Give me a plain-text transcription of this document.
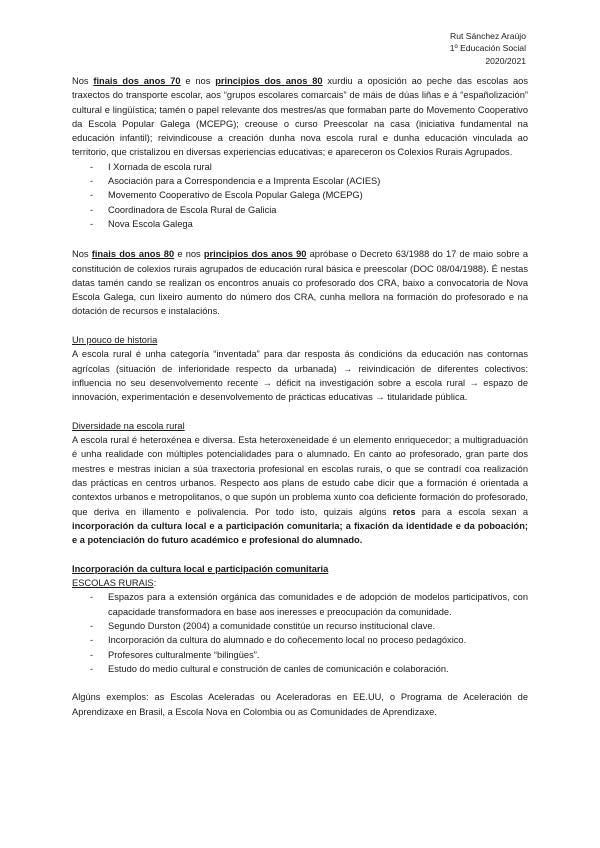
Rut Sánchez Araújo
1º Educación Social
2020/2021

Nos finais dos anos 70 e nos principios dos anos 80 xurdiu a oposición ao peche das escolas aos traxectos do transporte escolar, aos “grupos escolares comarcais” de máis de dúas liñas e á “españolización” cultural e lingüística; tamén o papel relevante dos mestres/as que formaban parte do Movemento Cooperativo da Escola Popular Galega (MCEPG); creouse o curso Preescolar na casa (iniciativa fundamental na educación infantil); reivindicouse a creación dunha nova escola rural e dunha educación vinculada ao territorio, que cristalizou en diversas experiencias educativas; e apareceron os Colexios Rurais Agrupados.

- I Xornada de escola rural
- Asociación para a Correspondencia e a Imprenta Escolar (ACIES)
- Movemento Cooperativo de Escola Popular Galega (MCEPG)
- Coordinadora de Escola Rural de Galicia
- Nova Escola Galega

Nos finais dos anos 80 e nos principios dos anos 90 apróbase o Decreto 63/1988 do 17 de maio sobre a constitución de colexios rurais agrupados de educación rural básica e preescolar (DOC 08/04/1988). É nestas datas tamén cando se realizan os encontros anuais co profesorado dos CRA, baixo a convocatoria de Nova Escola Galega, cun lixeiro aumento do número dos CRA, cunha mellora na formación do profesorado e na dotación de recursos e instalacións.

Un pouco de historia

A escola rural é unha categoría “inventada” para dar resposta ás condicións da educación nas contornas agrícolas (situación de inferioridade respecto da urbanada) → reivindicación de diferentes colectivos: influencia no seu desenvolvemento recente → déficit na investigación sobre a escola rural → espazo de innovación, experimentación e desenvolvemento de prácticas educativas → titularidade pública.

Diversidade na escola rural

A escola rural é heteroxénea e diversa. Esta heteroxeneidade é un elemento enriquecedor; a multigraduación é unha realidade con múltiples potencialidades para o alumnado. En canto ao profesorado, gran parte dos mestres e mestras inician a súa traxectoria profesional en escolas rurais, o que se contradí coa realización das prácticas en centros urbanos. Respecto aos plans de estudo cabe dicir que a formación é orientada a contextos urbanos e metropolitanos, o que supón un problema xunto coa deficiente formación do profesorado, que deriva en illamento e polivalencia. Por todo isto, quizais algúns retos para a escola sexan a incorporación da cultura local e a participación comunitaria; a fixación da identidade e da poboación; e a potenciación do futuro académico e profesional do alumnado.

Incorporación da cultura local e participación comunitaria

ESCOLAS RURAIS:

- Espazos para a extensión orgánica das comunidades e de adopción de modelos participativos, con capacidade transformadora en base aos ineresses e preocupación da comunidade.
- Segundo Durston (2004) a comunidade constitúe un recurso institucional clave.
- Incorporación da cultura do alumnado e do coñecemento local no proceso pedagóxico.
- Profesores culturalmente “bilingües”.
- Estudo do medio cultural e construción de canles de comunicación e colaboración.

Algúns exemplos: as Escolas Aceleradas ou Aceleradoras en EE.UU, o Programa de Aceleración de Aprendizaxe en Brasil, a Escola Nova en Colombia ou as Comunidades de Aprendizaxe.
